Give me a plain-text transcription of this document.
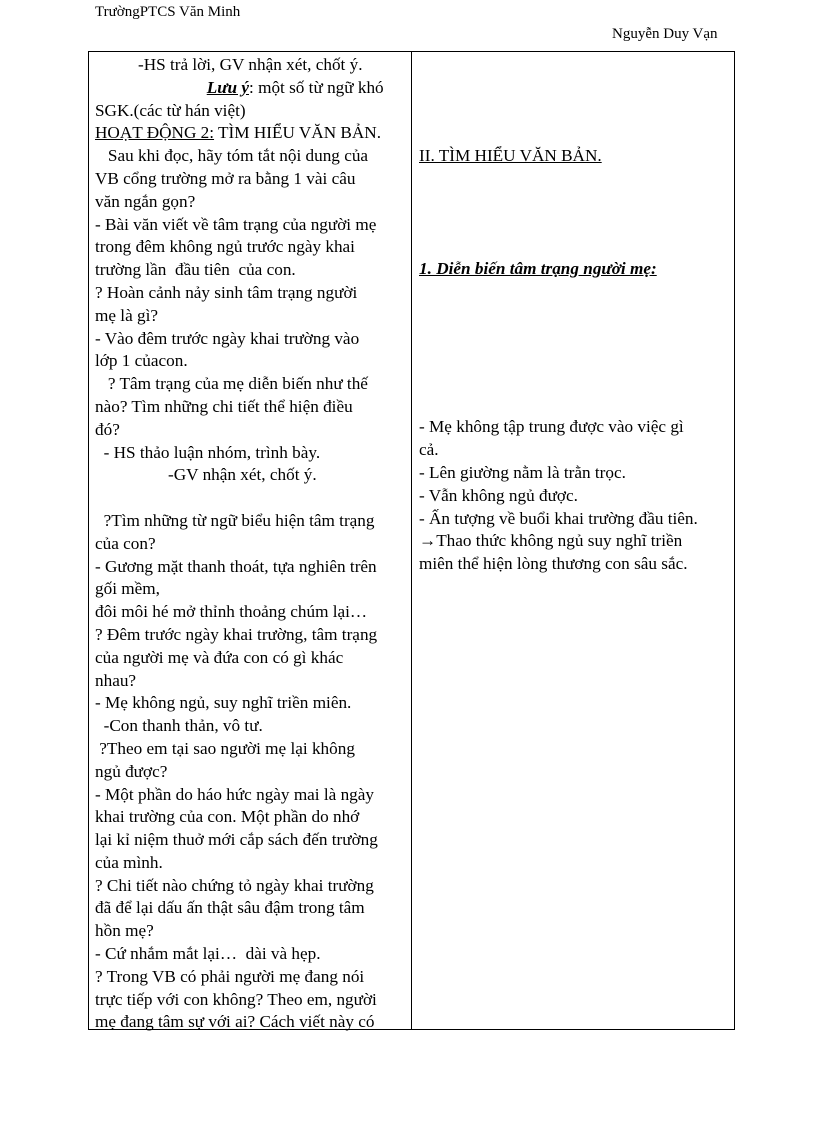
TrườngPTCS Văn Minh
Nguyễn Duy Vạn
-HS trả lời, GV nhận xét, chốt ý.
Lưu ý: một số từ ngữ khó
SGK.(các từ hán việt)
HOẠT ĐỘNG 2: TÌM HIỂU VĂN BẢN.
Sau khi đọc, hãy tóm tắt nội dung của
VB cổng trường mở ra bằng 1 vài câu
văn ngắn gọn?
- Bài văn viết về tâm trạng của người mẹ
trong đêm không ngủ trước ngày khai
trường lần  đầu tiên  của con.
? Hoàn cảnh nảy sinh tâm trạng người
mẹ là gì?
- Vào đêm trước ngày khai trường vào
lớp 1 củacon.
? Tâm trạng của mẹ diễn biến như thế
nào? Tìm những chi tiết thể hiện điều
đó?
- HS thảo luận nhóm, trình bày.
-GV nhận xét, chốt ý.

?Tìm những từ ngữ biểu hiện tâm trạng
của con?
- Gương mặt thanh thoát, tựa nghiên trên
gối mềm,
đôi môi hé mở thỉnh thoảng chúm lại…
? Đêm trước ngày khai trường, tâm trạng
của người mẹ và đứa con có gì khác
nhau?
- Mẹ không ngủ, suy nghĩ triền miên.
-Con thanh thản, vô tư.
?Theo em tại sao người mẹ lại không
ngủ được?
- Một phần do háo hức ngày mai là ngày
khai trường của con. Một phần do nhớ
lại kỉ niệm thuở mới cắp sách đến trường
của mình.
? Chi tiết nào chứng tỏ ngày khai trường
đã để lại dấu ấn thật sâu đậm trong tâm
hồn mẹ?
- Cứ nhắm mắt lại…  dài và hẹp.
? Trong VB có phải người mẹ đang nói
trực tiếp với con không? Theo em, người
mẹ đang tâm sự với ai? Cách viết này có
II. TÌM HIỂU VĂN BẢN.
1. Diễn biến tâm trạng người mẹ:
- Mẹ không tập trung được vào việc gì
cả.
- Lên giường nằm là trằn trọc.
- Vẫn không ngủ được.
- Ấn tượng về buổi khai trường đầu tiên.
→Thao thức không ngủ suy nghĩ triền
miên thể hiện lòng thương con sâu sắc.
